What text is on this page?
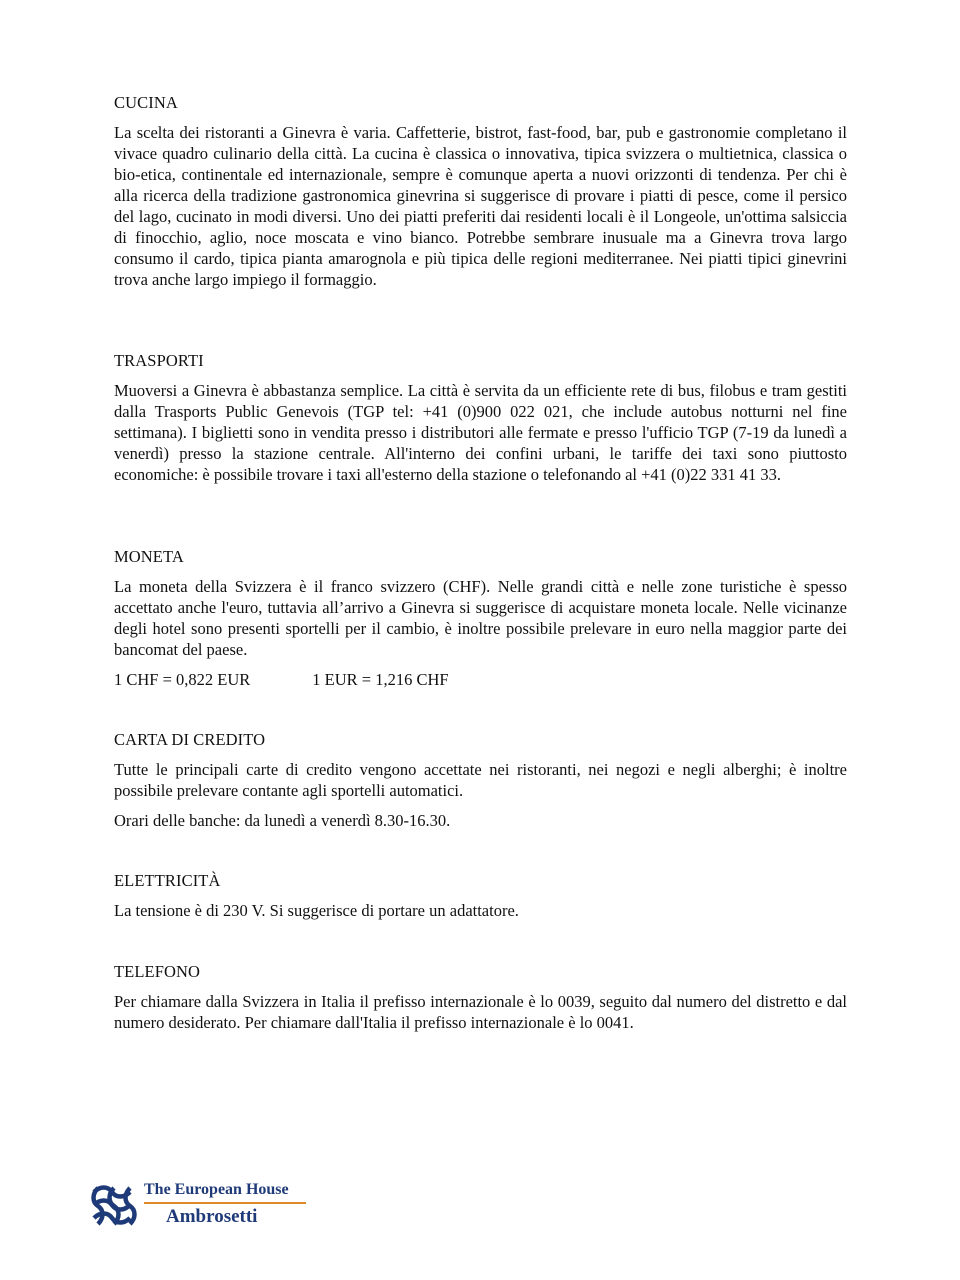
CUCINA

La scelta dei ristoranti a Ginevra è varia. Caffetterie, bistrot, fast-food, bar, pub e gastronomie completano il vivace quadro culinario della città. La cucina è classica o innovativa, tipica svizzera o multietnica, classica o bio-etica, continentale ed internazionale, sempre è comunque aperta a nuovi orizzonti di tendenza. Per chi è alla ricerca della tradizione gastronomica ginevrina si suggerisce di provare i piatti di pesce, come il persico del lago, cucinato in modi diversi. Uno dei piatti preferiti dai residenti locali è il Longeole, un'ottima salsiccia di finocchio, aglio, noce moscata e vino bianco. Potrebbe sembrare inusuale ma a Ginevra trova largo consumo il cardo, tipica pianta amarognola e più tipica delle regioni mediterranee. Nei piatti tipici ginevrini trova anche largo impiego il formaggio.

TRASPORTI

Muoversi a Ginevra è abbastanza semplice. La città è servita da un efficiente rete di bus, filobus e tram gestiti dalla Trasports Public Genevois (TGP tel: +41 (0)900 022 021, che include autobus notturni nel fine settimana). I biglietti sono in vendita presso i distributori alle fermate e presso l'ufficio TGP (7-19 da lunedì a venerdì) presso la stazione centrale. All'interno dei confini urbani, le tariffe dei taxi sono piuttosto economiche: è possibile trovare i taxi all'esterno della stazione o telefonando al +41 (0)22 331 41 33.

MONETA

La moneta della Svizzera è il franco svizzero (CHF). Nelle grandi città e nelle zone turistiche è spesso accettato anche l'euro, tuttavia all’arrivo a Ginevra si suggerisce di acquistare moneta locale. Nelle vicinanze degli hotel sono presenti sportelli per il cambio, è inoltre possibile prelevare in euro nella maggior parte dei bancomat del paese.

1 CHF = 0,822 EUR	1 EUR = 1,216 CHF

CARTA DI CREDITO

Tutte le principali carte di credito vengono accettate nei ristoranti, nei negozi e negli alberghi; è inoltre possibile prelevare contante agli sportelli automatici.

Orari delle banche: da lunedì a venerdì 8.30-16.30.

ELETTRICITÀ

La tensione è di 230 V. Si suggerisce di portare un adattatore.

TELEFONO

Per chiamare dalla Svizzera in Italia il prefisso internazionale è lo 0039, seguito dal numero del distretto e dal numero desiderato. Per chiamare dall'Italia il prefisso internazionale è lo 0041.

The European House
Ambrosetti
